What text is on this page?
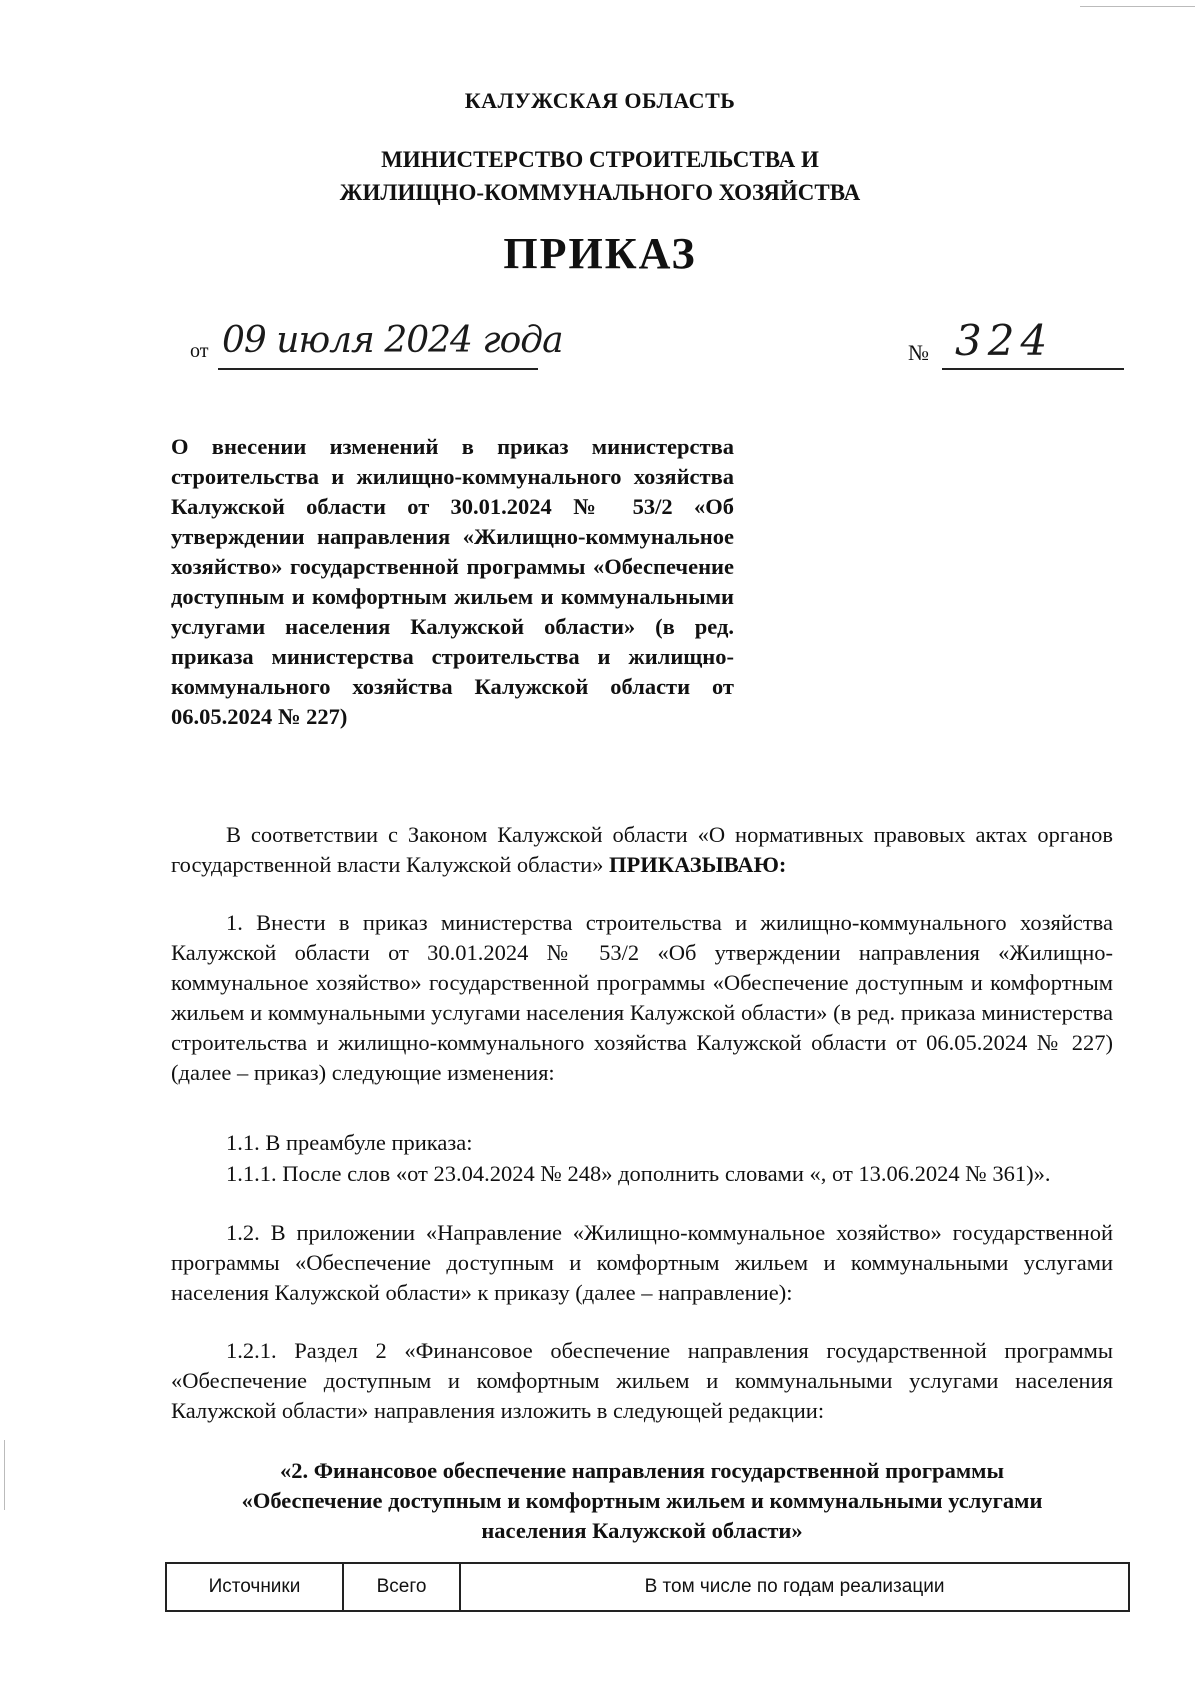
КАЛУЖСКАЯ ОБЛАСТЬ
МИНИСТЕРСТВО СТРОИТЕЛЬСТВА И
ЖИЛИЩНО-КОММУНАЛЬНОГО ХОЗЯЙСТВА
ПРИКАЗ
от 09 июля 2024 года	№ 324
О внесении изменений в приказ министерства строительства и жилищно-коммунального хозяйства Калужской области от 30.01.2024 № 53/2 «Об утверждении направления «Жилищно-коммунальное хозяйство» государственной программы «Обеспечение доступным и комфортным жильем и коммунальными услугами населения Калужской области» (в ред. приказа министерства строительства и жилищно-коммунального хозяйства Калужской области от 06.05.2024 № 227)
В соответствии с Законом Калужской области «О нормативных правовых актах органов государственной власти Калужской области» ПРИКАЗЫВАЮ:
1. Внести в приказ министерства строительства и жилищно-коммунального хозяйства Калужской области от 30.01.2024 № 53/2 «Об утверждении направления «Жилищно-коммунальное хозяйство» государственной программы «Обеспечение доступным и комфортным жильем и коммунальными услугами населения Калужской области» (в ред. приказа министерства строительства и жилищно-коммунального хозяйства Калужской области от 06.05.2024 № 227) (далее – приказ) следующие изменения:
1.1. В преамбуле приказа:
1.1.1. После слов «от 23.04.2024 № 248» дополнить словами «, от 13.06.2024 № 361)».
1.2. В приложении «Направление «Жилищно-коммунальное хозяйство» государственной программы «Обеспечение доступным и комфортным жильем и коммунальными услугами населения Калужской области» к приказу (далее – направление):
1.2.1. Раздел 2 «Финансовое обеспечение направления государственной программы «Обеспечение доступным и комфортным жильем и коммунальными услугами населения Калужской области» направления изложить в следующей редакции:
«2. Финансовое обеспечение направления государственной программы
«Обеспечение доступным и комфортным жильем и коммунальными услугами
населения Калужской области»
Источники	Всего	В том числе по годам реализации
